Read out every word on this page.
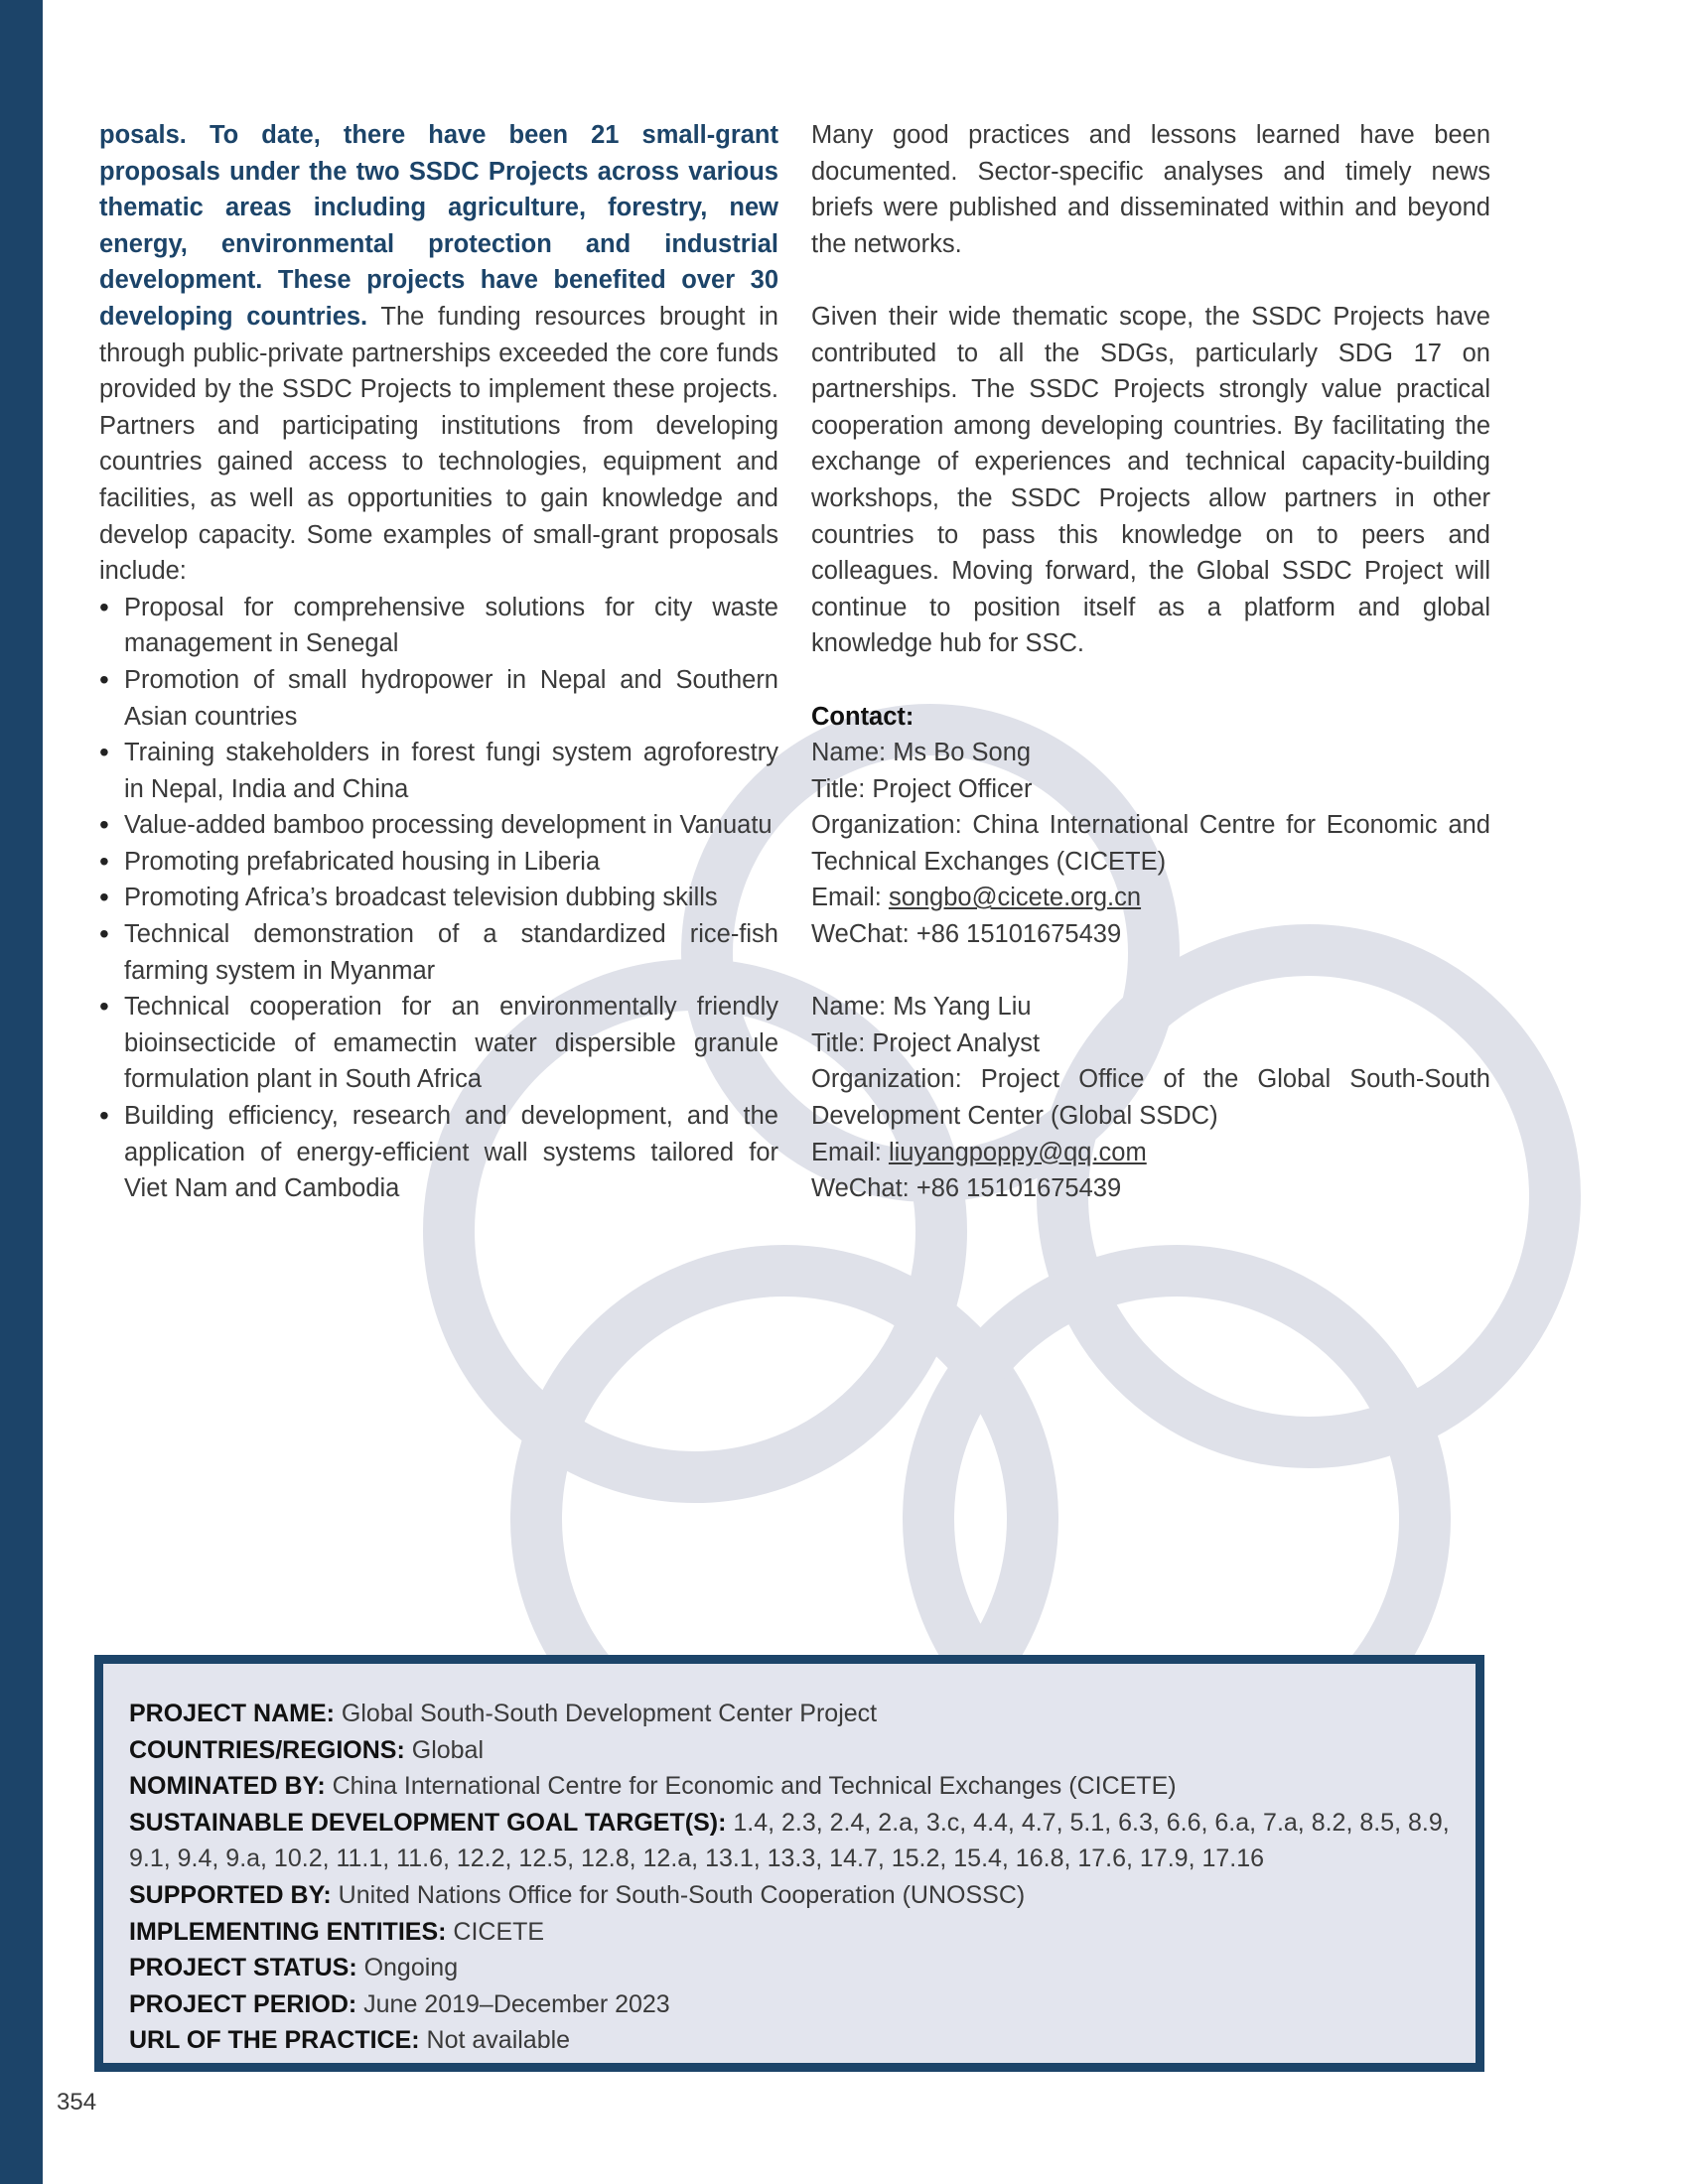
posals. To date, there have been 21 small-grant proposals under the two SSDC Projects across various thematic areas including agriculture, forestry, new energy, environmental protection and industrial development. These projects have benefited over 30 developing countries. The funding resources brought in through public-private partnerships exceeded the core funds provided by the SSDC Projects to implement these projects. Partners and participating institutions from developing countries gained access to technologies, equipment and facilities, as well as opportunities to gain knowledge and develop capacity. Some examples of small-grant proposals include:

• Proposal for comprehensive solutions for city waste management in Senegal
• Promotion of small hydropower in Nepal and Southern Asian countries
• Training stakeholders in forest fungi system agroforestry in Nepal, India and China
• Value-added bamboo processing development in Vanuatu
• Promoting prefabricated housing in Liberia
• Promoting Africa’s broadcast television dubbing skills
• Technical demonstration of a standardized rice-fish farming system in Myanmar
• Technical cooperation for an environmentally friendly bioinsecticide of emamectin water dispersible granule formulation plant in South Africa
• Building efficiency, research and development, and the application of energy-efficient wall systems tailored for Viet Nam and Cambodia

Many good practices and lessons learned have been documented. Sector-specific analyses and timely news briefs were published and disseminated within and beyond the networks.

Given their wide thematic scope, the SSDC Projects have contributed to all the SDGs, particularly SDG 17 on partnerships. The SSDC Projects strongly value practical cooperation among developing countries. By facilitating the exchange of experiences and technical capacity-building workshops, the SSDC Projects allow partners in other countries to pass this knowledge on to peers and colleagues. Moving forward, the Global SSDC Project will continue to position itself as a platform and global knowledge hub for SSC.

Contact:

Name: Ms Bo Song

Title: Project Officer

Organization: China International Centre for Economic and Technical Exchanges (CICETE)

Email: songbo@cicete.org.cn

WeChat: +86 15101675439

Name: Ms Yang Liu

Title: Project Analyst

Organization: Project Office of the Global South-South Development Center (Global SSDC)

Email: liuyangpoppy@qq.com

WeChat: +86 15101675439

PROJECT NAME: Global South-South Development Center Project

COUNTRIES/REGIONS: Global

NOMINATED BY: China International Centre for Economic and Technical Exchanges (CICETE)

SUSTAINABLE DEVELOPMENT GOAL TARGET(S): 1.4, 2.3, 2.4, 2.a, 3.c, 4.4, 4.7, 5.1, 6.3, 6.6, 6.a, 7.a, 8.2, 8.5, 8.9, 9.1, 9.4, 9.a, 10.2, 11.1, 11.6, 12.2, 12.5, 12.8, 12.a, 13.1, 13.3, 14.7, 15.2, 15.4, 16.8, 17.6, 17.9, 17.16

SUPPORTED BY: United Nations Office for South-South Cooperation (UNOSSC)

IMPLEMENTING ENTITIES: CICETE

PROJECT STATUS: Ongoing

PROJECT PERIOD: June 2019–December 2023

URL OF THE PRACTICE: Not available

354
